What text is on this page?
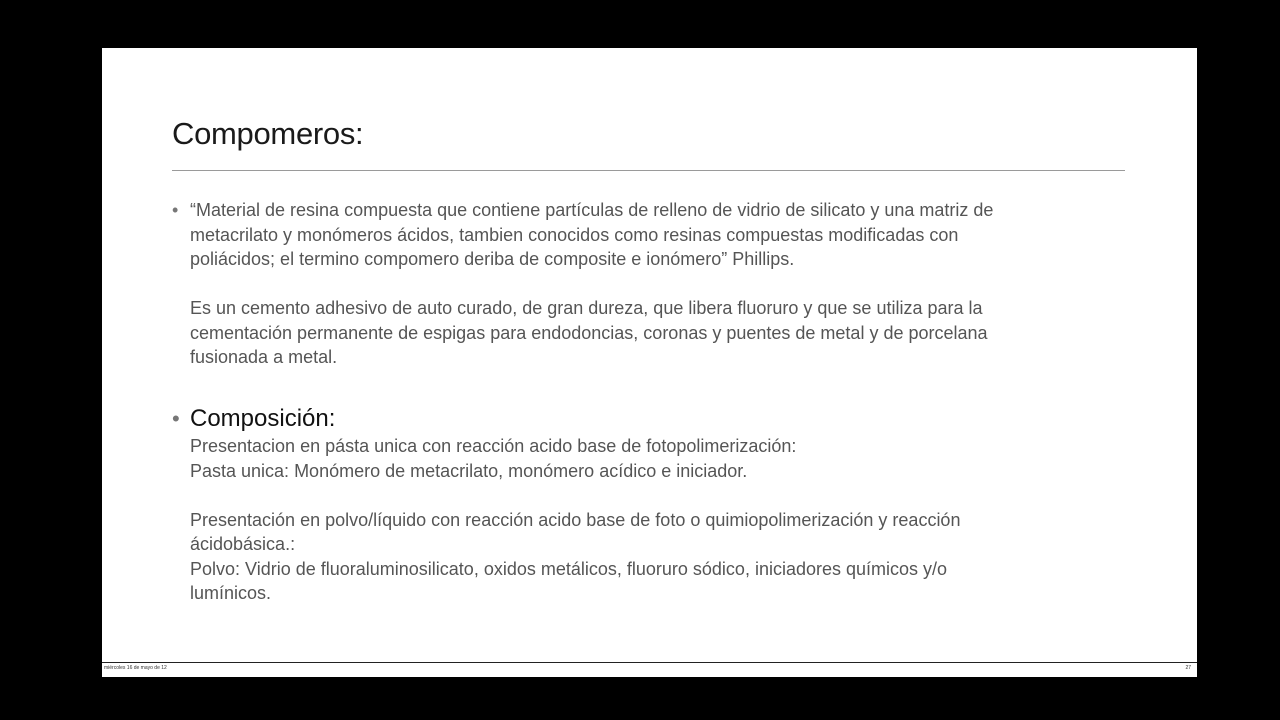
Compomeros:
• “Material de resina compuesta que contiene partículas de relleno de vidrio de silicato y una matriz de
metacrilato y monómeros ácidos, tambien conocidos como resinas compuestas modificadas con
poliácidos; el termino compomero deriba de composite e ionómero” Phillips.
Es un cemento adhesivo de auto curado, de gran dureza, que libera fluoruro y que se utiliza para la
cementación permanente de espigas para endodoncias, coronas y puentes de metal y de porcelana
fusionada a metal.
• Composición:
Presentacion en pásta unica con reacción acido base de fotopolimerización:
Pasta unica: Monómero de metacrilato, monómero acídico e iniciador.
Presentación en polvo/líquido con reacción acido base de foto o quimiopolimerización y reacción
ácidobásica.:
Polvo: Vidrio de fluoraluminosilicato, oxidos metálicos, fluoruro sódico, iniciadores químicos y/o
lumínicos.
miércoles 16 de mayo de 12	27
